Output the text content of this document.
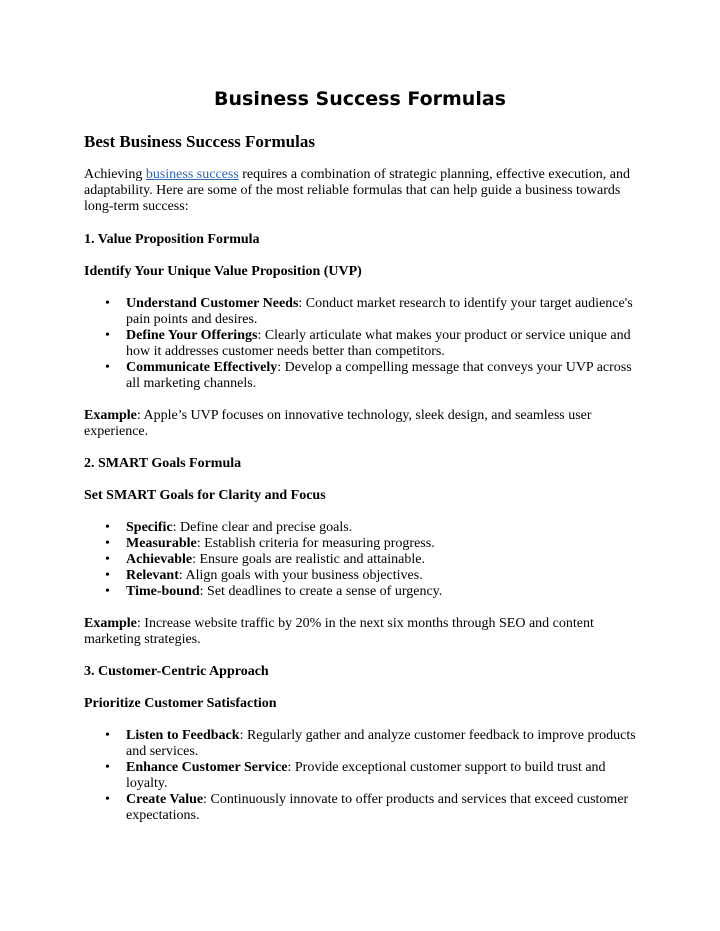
Business Success Formulas
Best Business Success Formulas

Achieving business success requires a combination of strategic planning, effective execution, and adaptability. Here are some of the most reliable formulas that can help guide a business towards long-term success:

1. Value Proposition Formula

Identify Your Unique Value Proposition (UVP)

• Understand Customer Needs: Conduct market research to identify your target audience's pain points and desires.
• Define Your Offerings: Clearly articulate what makes your product or service unique and how it addresses customer needs better than competitors.
• Communicate Effectively: Develop a compelling message that conveys your UVP across all marketing channels.

Example: Apple’s UVP focuses on innovative technology, sleek design, and seamless user experience.

2. SMART Goals Formula

Set SMART Goals for Clarity and Focus

• Specific: Define clear and precise goals.
• Measurable: Establish criteria for measuring progress.
• Achievable: Ensure goals are realistic and attainable.
• Relevant: Align goals with your business objectives.
• Time-bound: Set deadlines to create a sense of urgency.

Example: Increase website traffic by 20% in the next six months through SEO and content marketing strategies.

3. Customer-Centric Approach

Prioritize Customer Satisfaction

• Listen to Feedback: Regularly gather and analyze customer feedback to improve products and services.
• Enhance Customer Service: Provide exceptional customer support to build trust and loyalty.
• Create Value: Continuously innovate to offer products and services that exceed customer expectations.
